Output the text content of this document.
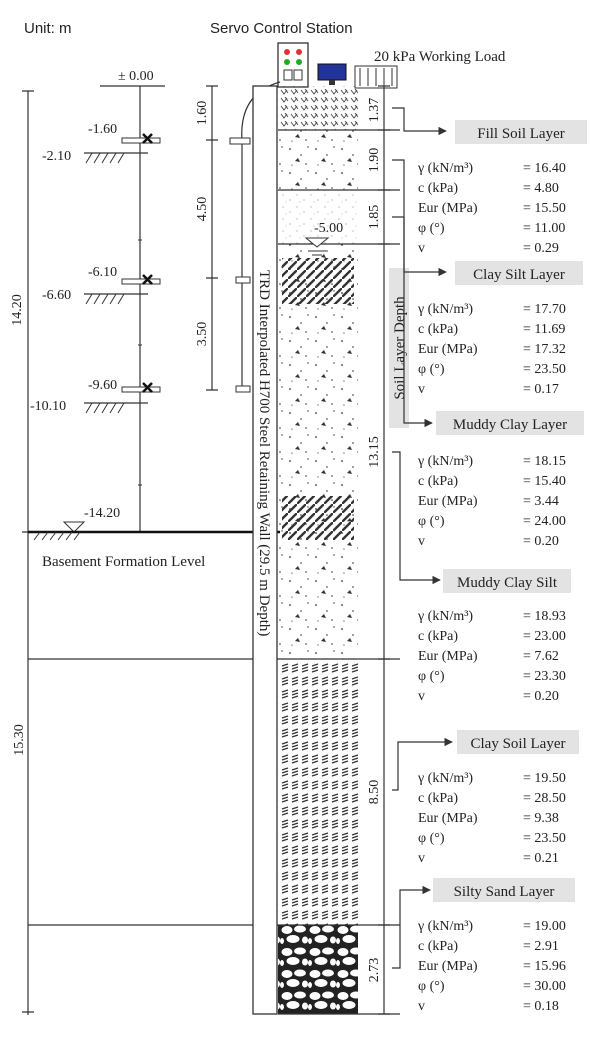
Unit: m	Servo Control Station
20 kPa Working Load
± 0.00
-1.60
-2.10
-6.10
-6.60
-9.60
-10.10
14.20
-14.20
Basement Formation Level
15.30
1.60
4.50
3.50	TRD Interpolated H700 Steel Retaining Wall (29.5 m Depth)
-5.00
1.37
1.90
1.85
13.15
8.50
2.73
Soil Layer Depth
Fill Soil Layer
Clay Silt Layer
Muddy Clay Layer
Muddy Clay Silt
Clay Soil Layer
Silty Sand Layer
γ (kN/m³)	= 16.40
c (kPa)	= 4.80
Eur (MPa)	= 15.50
φ (°)	= 11.00
v	= 0.29
γ (kN/m³)	= 17.70
c (kPa)	= 11.69
Eur (MPa)	= 17.32
φ (°)	= 23.50
v	= 0.17
γ (kN/m³)	= 18.15
c (kPa)	= 15.40
Eur (MPa)	= 3.44
φ (°)	= 24.00
v	= 0.20
γ (kN/m³)	= 18.93
c (kPa)	= 23.00
Eur (MPa)	= 7.62
φ (°)	= 23.30
v	= 0.20
γ (kN/m³)	= 19.50
c (kPa)	= 28.50
Eur (MPa)	= 9.38
φ (°)	= 23.50
v	= 0.21
γ (kN/m³)	= 19.00
c (kPa)	= 2.91
Eur (MPa)	= 15.96
φ (°)	= 30.00
v	= 0.18
